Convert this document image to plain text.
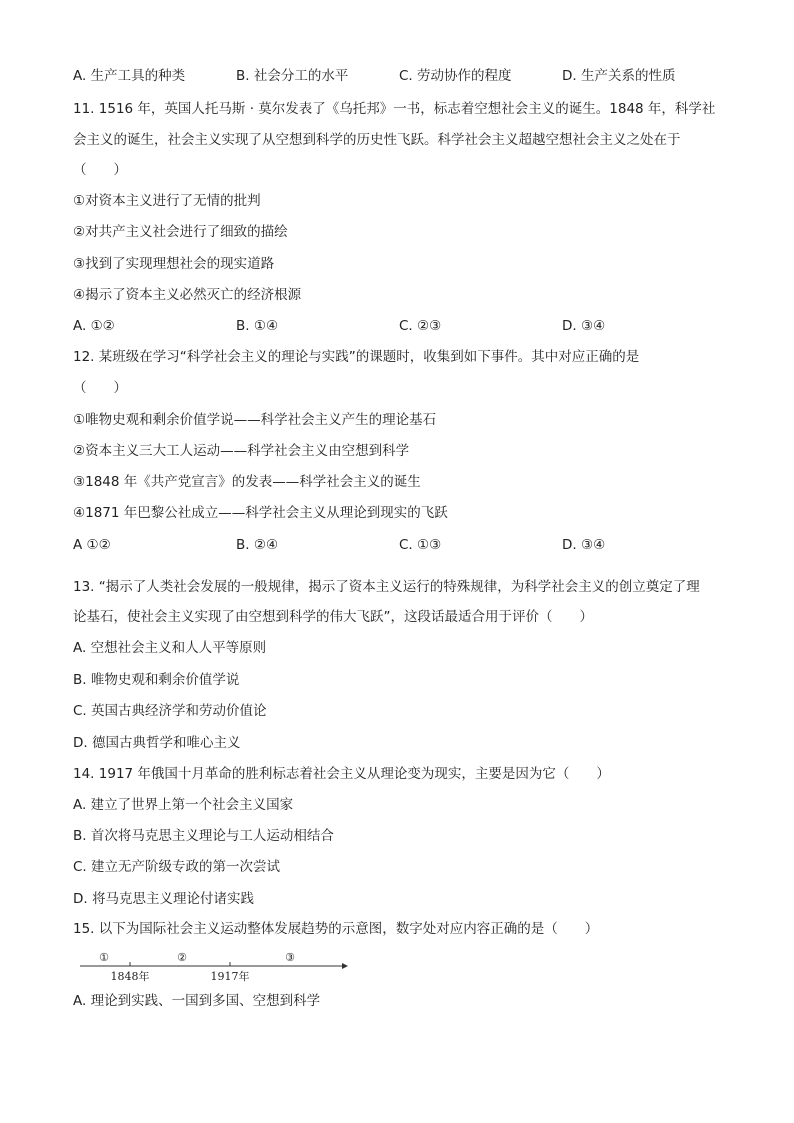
A. 生产工具的种类	B. 社会分工的水平	C. 劳动协作的程度	D. 生产关系的性质
11. 1516 年，英国人托马斯 · 莫尔发表了《乌托邦》一书，标志着空想社会主义的诞生。1848 年，科学社
会主义的诞生，社会主义实现了从空想到科学的历史性飞跃。科学社会主义超越空想社会主义之处在于
（　　）
①对资本主义进行了无情的批判
②对共产主义社会进行了细致的描绘
③找到了实现理想社会的现实道路
④揭示了资本主义必然灭亡的经济根源
A. ①②	B. ①④	C. ②③	D. ③④
12. 某班级在学习“科学社会主义的理论与实践”的课题时，收集到如下事件。其中对应正确的是
（　　）
①唯物史观和剩余价值学说——科学社会主义产生的理论基石
②资本主义三大工人运动——科学社会主义由空想到科学
③1848 年《共产党宣言》的发表——科学社会主义的诞生
④1871 年巴黎公社成立——科学社会主义从理论到现实的飞跃
A ①②	B. ②④	C. ①③	D. ③④
13. “揭示了人类社会发展的一般规律，揭示了资本主义运行的特殊规律，为科学社会主义的创立奠定了理
论基石，使社会主义实现了由空想到科学的伟大飞跃”，这段话最适合用于评价（　　）
A. 空想社会主义和人人平等原则
B. 唯物史观和剩余价值学说
C. 英国古典经济学和劳动价值论
D. 德国古典哲学和唯心主义
14. 1917 年俄国十月革命的胜利标志着社会主义从理论变为现实，主要是因为它（　　）
A. 建立了世界上第一个社会主义国家
B. 首次将马克思主义理论与工人运动相结合
C. 建立无产阶级专政的第一次尝试
D. 将马克思主义理论付诸实践
15. 以下为国际社会主义运动整体发展趋势的示意图，数字处对应内容正确的是（　　）
①	②	③
1848年	1917年
A. 理论到实践、一国到多国、空想到科学
